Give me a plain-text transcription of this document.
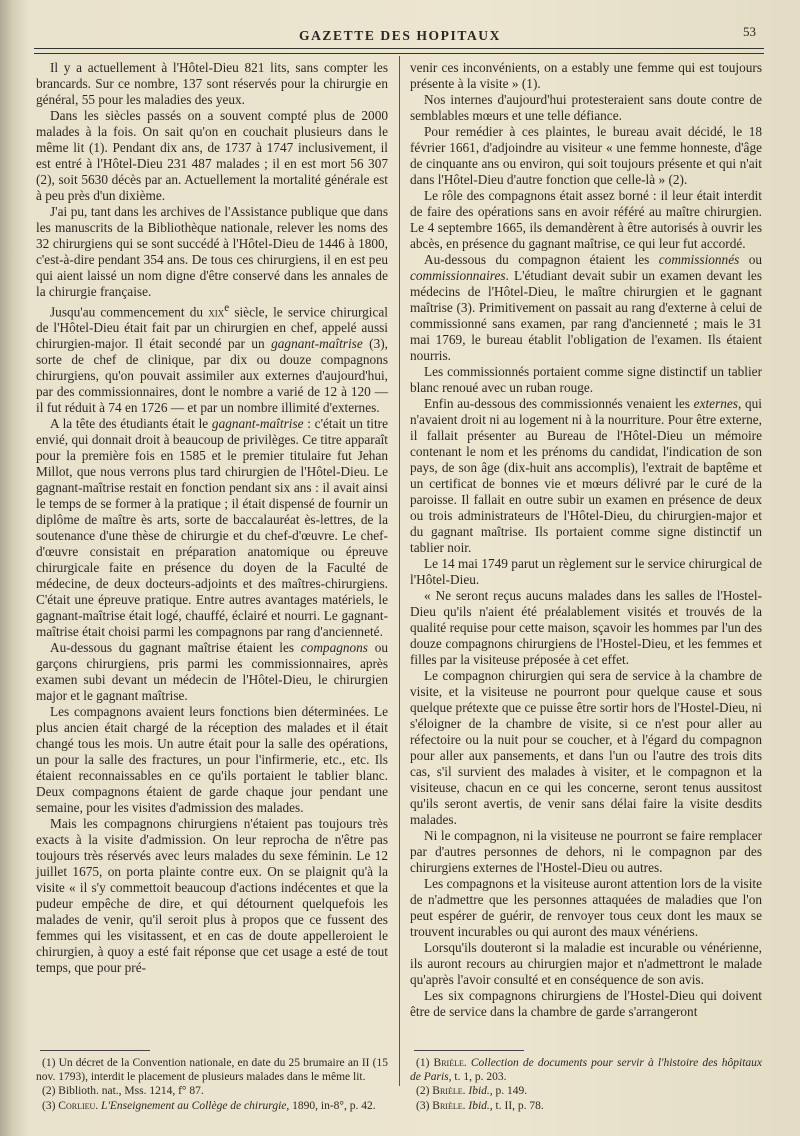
GAZETTE DES HOPITAUX	53

Il y a actuellement à l'Hôtel-Dieu 821 lits, sans compter les brancards. Sur ce nombre, 137 sont réservés pour la chirurgie en général, 55 pour les maladies des yeux.

Dans les siècles passés on a souvent compté plus de 2000 malades à la fois. On sait qu'on en couchait plusieurs dans le même lit (1). Pendant dix ans, de 1737 à 1747 inclusivement, il est entré à l'Hôtel-Dieu 231 487 malades ; il en est mort 56 307 (2), soit 5630 décès par an. Actuellement la mortalité générale est à peu près d'un dixième.

J'ai pu, tant dans les archives de l'Assistance publique que dans les manuscrits de la Bibliothèque nationale, relever les noms des 32 chirurgiens qui se sont succédé à l'Hôtel-Dieu de 1446 à 1800, c'est-à-dire pendant 354 ans. De tous ces chirurgiens, il en est peu qui aient laissé un nom digne d'être conservé dans les annales de la chirurgie française.

Jusqu'au commencement du xix$^e$ siècle, le service chirurgical de l'Hôtel-Dieu était fait par un chirurgien en chef, appelé aussi chirurgien-major. Il était secondé par un gagnant-maîtrise (3), sorte de chef de clinique, par dix ou douze compagnons chirurgiens, qu'on pouvait assimiler aux externes d'aujourd'hui, par des commissionnaires, dont le nombre a varié de 12 à 120 — il fut réduit à 74 en 1726 — et par un nombre illimité d'externes.

A la tête des étudiants était le gagnant-maîtrise : c'était un titre envié, qui donnait droit à beaucoup de privilèges. Ce titre apparaît pour la première fois en 1585 et le premier titulaire fut Jehan Millot, que nous verrons plus tard chirurgien de l'Hôtel-Dieu. Le gagnant-maîtrise restait en fonction pendant six ans : il avait ainsi le temps de se former à la pratique ; il était dispensé de fournir un diplôme de maître ès arts, sorte de baccalauréat ès-lettres, de la soutenance d'une thèse de chirurgie et du chef-d'œuvre. Le chef-d'œuvre consistait en préparation anatomique ou épreuve chirurgicale faite en présence du doyen de la Faculté de médecine, de deux docteurs-adjoints et des maîtres-chirurgiens. C'était une épreuve pratique. Entre autres avantages matériels, le gagnant-maîtrise était logé, chauffé, éclairé et nourri. Le gagnant-maîtrise était choisi parmi les compagnons par rang d'ancienneté.

Au-dessous du gagnant maîtrise étaient les compagnons ou garçons chirurgiens, pris parmi les commissionnaires, après examen subi devant un médecin de l'Hôtel-Dieu, le chirurgien major et le gagnant maîtrise.

Les compagnons avaient leurs fonctions bien déterminées. Le plus ancien était chargé de la réception des malades et il était changé tous les mois. Un autre était pour la salle des opérations, un pour la salle des fractures, un pour l'infirmerie, etc., etc. Ils étaient reconnaissables en ce qu'ils portaient le tablier blanc. Deux compagnons étaient de garde chaque jour pendant une semaine, pour les visites d'admission des malades.

Mais les compagnons chirurgiens n'étaient pas toujours très exacts à la visite d'admission. On leur reprocha de n'être pas toujours très réservés avec leurs malades du sexe féminin. Le 12 juillet 1675, on porta plainte contre eux. On se plaignit qu'à la visite « il s'y commettoit beaucoup d'actions indécentes et que la pudeur empêche de dire, et qui détournent quelquefois les malades de venir, qu'il seroit plus à propos que ce fussent des femmes qui les visitassent, et en cas de doute appelleroient le chirurgien, à quoy a esté fait réponse que cet usage a esté de tout temps, que pour pré-

venir ces inconvénients, on a estably une femme qui est toujours présente à la visite » (1).

Nos internes d'aujourd'hui protesteraient sans doute contre de semblables mœurs et une telle défiance.

Pour remédier à ces plaintes, le bureau avait décidé, le 18 février 1661, d'adjoindre au visiteur « une femme honneste, d'âge de cinquante ans ou environ, qui soit toujours présente et qui n'ait dans l'Hôtel-Dieu d'autre fonction que celle-là » (2).

Le rôle des compagnons était assez borné : il leur était interdit de faire des opérations sans en avoir référé au maître chirurgien. Le 4 septembre 1665, ils demandèrent à être autorisés à ouvrir les abcès, en présence du gagnant maîtrise, ce qui leur fut accordé.

Au-dessous du compagnon étaient les commissionnés ou commissionnaires. L'étudiant devait subir un examen devant les médecins de l'Hôtel-Dieu, le maître chirurgien et le gagnant maîtrise (3). Primitivement on passait au rang d'externe à celui de commissionné sans examen, par rang d'ancienneté ; mais le 31 mai 1769, le bureau établit l'obligation de l'examen. Ils étaient nourris.

Les commissionnés portaient comme signe distinctif un tablier blanc renoué avec un ruban rouge.

Enfin au-dessous des commissionnés venaient les externes, qui n'avaient droit ni au logement ni à la nourriture. Pour être externe, il fallait présenter au Bureau de l'Hôtel-Dieu un mémoire contenant le nom et les prénoms du candidat, l'indication de son pays, de son âge (dix-huit ans accomplis), l'extrait de baptême et un certificat de bonnes vie et mœurs délivré par le curé de la paroisse. Il fallait en outre subir un examen en présence de deux ou trois administrateurs de l'Hôtel-Dieu, du chirurgien-major et du gagnant maîtrise. Ils portaient comme signe distinctif un tablier noir.

Le 14 mai 1749 parut un règlement sur le service chirurgical de l'Hôtel-Dieu.

« Ne seront reçus aucuns malades dans les salles de l'Hostel-Dieu qu'ils n'aient été préalablement visités et trouvés de la qualité requise pour cette maison, sçavoir les hommes par l'un des douze compagnons chirurgiens de l'Hostel-Dieu, et les femmes et filles par la visiteuse préposée à cet effet.

Le compagnon chirurgien qui sera de service à la chambre de visite, et la visiteuse ne pourront pour quelque cause et sous quelque prétexte que ce puisse être sortir hors de l'Hostel-Dieu, ni s'éloigner de la chambre de visite, si ce n'est pour aller au réfectoire ou la nuit pour se coucher, et à l'égard du compagnon pour aller aux pansements, et dans l'un ou l'autre des trois dits cas, s'il survient des malades à visiter, et le compagnon et la visiteuse, chacun en ce qui les concerne, seront tenus aussitost qu'ils seront avertis, de venir sans délai faire la visite desdits malades.

Ni le compagnon, ni la visiteuse ne pourront se faire remplacer par d'autres personnes de dehors, ni le compagnon par des chirurgiens externes de l'Hostel-Dieu ou autres.

Les compagnons et la visiteuse auront attention lors de la visite de n'admettre que les personnes attaquées de maladies que l'on peut espérer de guérir, de renvoyer tous ceux dont les maux se trouvent incurables ou qui auront des maux vénériens.

Lorsqu'ils douteront si la maladie est incurable ou vénérienne, ils auront recours au chirurgien major et n'admettront le malade qu'après l'avoir consulté et en conséquence de son avis.

Les six compagnons chirurgiens de l'Hostel-Dieu qui doivent être de service dans la chambre de garde s'arrangeront

(1) Un décret de la Convention nationale, en date du 25 brumaire an II (15 nov. 1793), interdit le placement de plusieurs malades dans le même lit.

(2) Biblioth. nat., Mss. 1214, f° 87.

(3) Corlieu. L'Enseignement au Collège de chirurgie, 1890, in-8°, p. 42.

(1) Brièle. Collection de documents pour servir à l'histoire des hôpitaux de Paris, t. 1, p. 203.

(2) Brièle. Ibid., p. 149.

(3) Brièle. Ibid., t. II, p. 78.
